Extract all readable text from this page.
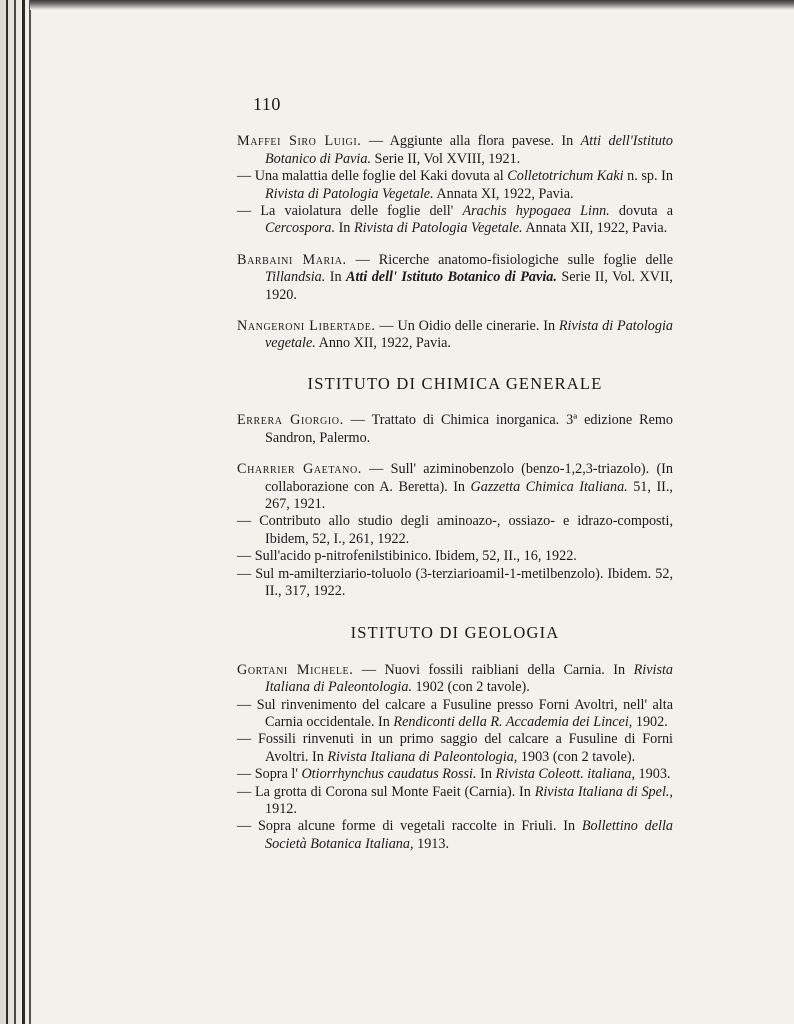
110

Maffei Siro Luigi. — Aggiunte alla flora pavese. In Atti dell'Istituto Botanico di Pavia. Serie II, Vol XVIII, 1921.

— Una malattia delle foglie del Kaki dovuta al Colletotrichum Kaki n. sp. In Rivista di Patologia Vegetale. Annata XI, 1922, Pavia.

— La vaiolatura delle foglie dell' Arachis hypogaea Linn. dovuta a Cercospora. In Rivista di Patologia Vegetale. Annata XII, 1922, Pavia.

Barbaini Maria. — Ricerche anatomo-fisiologiche sulle foglie delle Tillandsia. In Atti dell' Istituto Botanico di Pavia. Serie II, Vol. XVII, 1920.

Nangeroni Libertade. — Un Oidio delle cinerarie. In Rivista di Patologia vegetale. Anno XII, 1922, Pavia.

ISTITUTO DI CHIMICA GENERALE

Errera Giorgio. — Trattato di Chimica inorganica. 3ª edizione Remo Sandron, Palermo.

Charrier Gaetano. — Sull' aziminobenzolo (benzo-1,2,3-triazolo). (In collaborazione con A. Beretta). In Gazzetta Chimica Italiana. 51, II., 267, 1921.

— Contributo allo studio degli aminoazo-, ossiazo- e idrazo-composti, Ibidem, 52, I., 261, 1922.

— Sull'acido p-nitrofenilstibinico. Ibidem, 52, II., 16, 1922.

— Sul m-amilterziario-toluolo (3-terziarioamil-1-metilbenzolo). Ibidem. 52, II., 317, 1922.

ISTITUTO DI GEOLOGIA

Gortani Michele. — Nuovi fossili raibliani della Carnia. In Rivista Italiana di Paleontologia. 1902 (con 2 tavole).

— Sul rinvenimento del calcare a Fusuline presso Forni Avoltri, nell' alta Carnia occidentale. In Rendiconti della R. Accademia dei Lincei, 1902.

— Fossili rinvenuti in un primo saggio del calcare a Fusuline di Forni Avoltri. In Rivista Italiana di Paleontologia, 1903 (con 2 tavole).

— Sopra l' Otiorrhynchus caudatus Rossi. In Rivista Coleott. italiana, 1903.

— La grotta di Corona sul Monte Faeit (Carnia). In Rivista Italiana di Spel., 1912.

— Sopra alcune forme di vegetali raccolte in Friuli. In Bollettino della Società Botanica Italiana, 1913.
